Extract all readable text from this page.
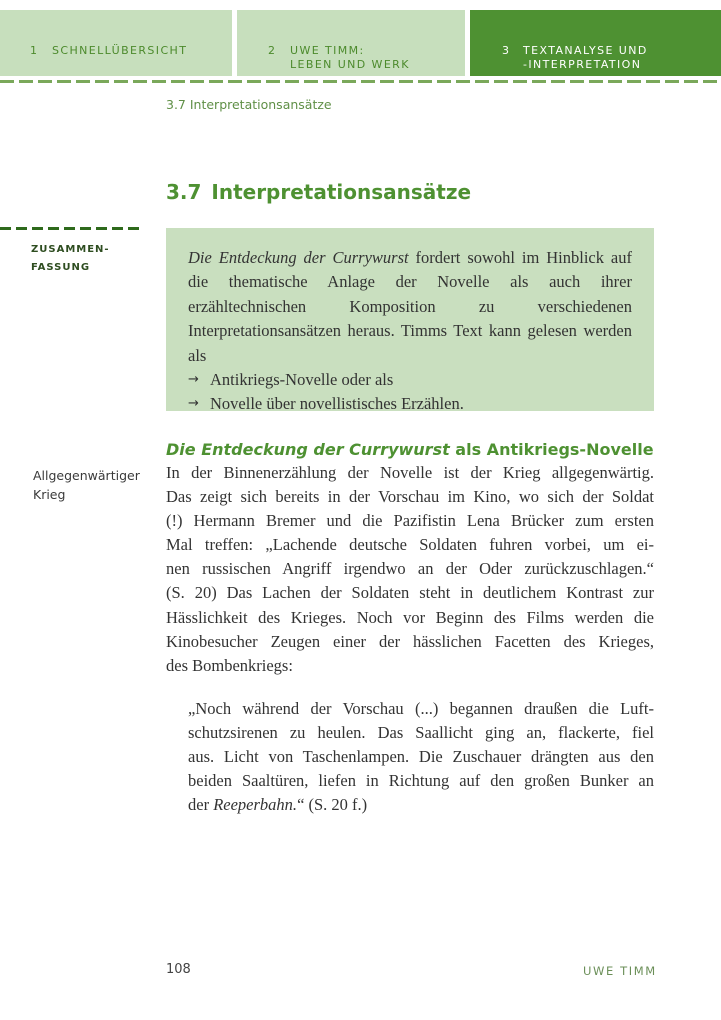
1 SCHNELLÜBERSICHT	2 UWE TIMM:
LEBEN UND WERK
3 TEXTANALYSE UND
-INTERPRETATION
3.7 Interpretationsansätze
3.7 Interpretationsansätze
ZUSAMMEN-
FASSUNG

Die Entdeckung der Currywurst fordert sowohl im Hinblick auf die thematische Anlage der Novelle als auch ihrer erzähltechnischen Komposition zu verschiedenen Interpretationsansätzen heraus. Timms Text kann gelesen werden als

→ Antikriegs-Novelle oder als
→ Novelle über novellistisches Erzählen.
Die Entdeckung der Currywurst als Antikriegs-Novelle
Allgegenwärtiger
Krieg
In der Binnenerzählung der Novelle ist der Krieg allgegenwärtig.
Das zeigt sich bereits in der Vorschau im Kino, wo sich der Soldat
(!) Hermann Bremer und die Pazifistin Lena Brücker zum ersten
Mal treffen: „Lachende deutsche Soldaten fuhren vorbei, um ei-
nen russischen Angriff irgendwo an der Oder zurückzuschlagen.“
(S. 20) Das Lachen der Soldaten steht in deutlichem Kontrast zur
Hässlichkeit des Krieges. Noch vor Beginn des Films werden die
Kinobesucher Zeugen einer der hässlichen Facetten des Krieges,
des Bombenkriegs:
„Noch während der Vorschau (...) begannen draußen die Luft-
schutzsirenen zu heulen. Das Saallicht ging an, flackerte, fiel
aus. Licht von Taschenlampen. Die Zuschauer drängten aus den
beiden Saaltüren, liefen in Richtung auf den großen Bunker an
der Reeperbahn.“ (S. 20 f.)
108	UWE TIMM
